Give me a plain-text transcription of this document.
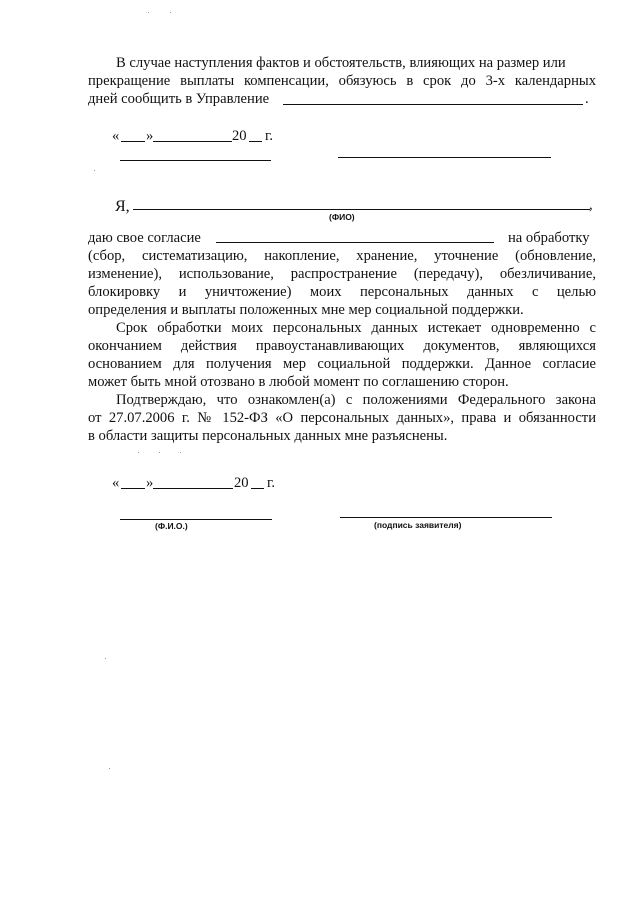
В случае наступления фактов и обстоятельств, влияющих на размер или
прекращение выплаты компенсации, обязуюсь в срок до 3-х календарных
дней сообщить в Управление	.
« »	20 г.
Я,	,
(ФИО)
даю свое согласие	на обработку
(сбор, систематизацию, накопление, хранение, уточнение (обновление,
изменение), использование, распространение (передачу), обезличивание,
блокировку и уничтожение) моих персональных данных с целью
определения и выплаты положенных мне мер социальной поддержки.
Срок обработки моих персональных данных истекает одновременно с
окончанием действия правоустанавливающих документов, являющихся
основанием для получения мер социальной поддержки. Данное согласие
может быть мной отозвано в любой момент по соглашению сторон.
Подтверждаю, что ознакомлен(а) с положениями Федерального закона
от 27.07.2006 г. № 152-ФЗ «О персональных данных», права и обязанности
в области защиты персональных данных мне разъяснены.
« »	20 г.
(Ф.И.О.)	(подпись заявителя)
